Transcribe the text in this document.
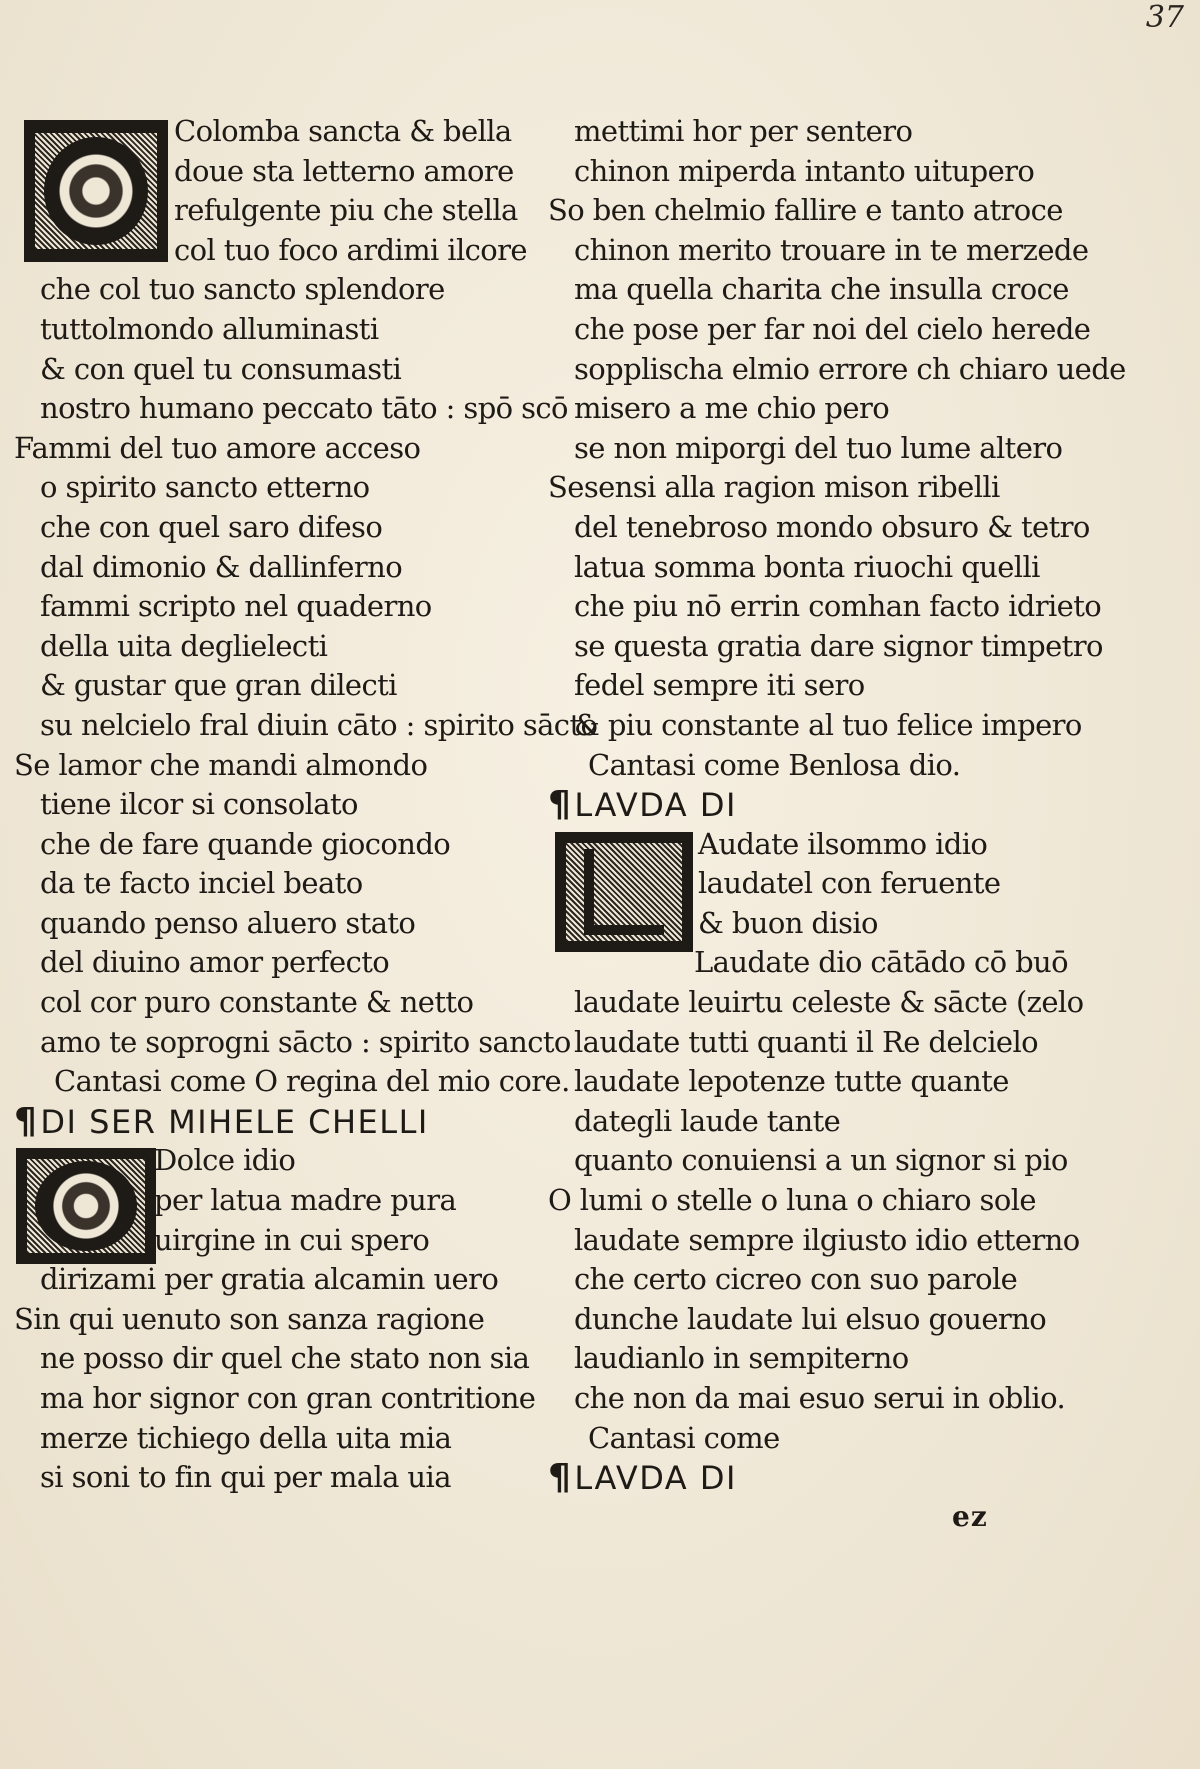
37
Colomba sancta & bella
doue sta letterno amore
refulgente piu che stella
col tuo foco ardimi ilcore
che col tuo sancto splendore
tuttolmondo alluminasti
& con quel tu consumasti
nostro humano peccato tāto : spō scō
Fammi del tuo amore acceso
o spirito sancto etterno
che con quel saro difeso
dal dimonio & dallinferno
fammi scripto nel quaderno
della uita deglielecti
& gustar que gran dilecti
su nelcielo fral diuin cāto : spirito sācto
Se lamor che mandi almondo
tiene ilcor si consolato
che de fare quande giocondo
da te facto inciel beato
quando penso aluero stato
del diuino amor perfecto
col cor puro constante & netto
amo te soprogni sācto : spirito sancto
Cantasi come O regina del mio core.
¶DI SER MIHELE CHELLI
Dolce idio
per latua madre pura
uirgine in cui spero
dirizami per gratia alcamin uero
Sin qui uenuto son sanza ragione
ne posso dir quel che stato non sia
ma hor signor con gran contritione
merze tichiego della uita mia
si soni to fin qui per mala uia
mettimi hor per sentero
chinon miperda intanto uitupero
So ben chelmio fallire e tanto atroce
chinon merito trouare in te merzede
ma quella charita che insulla croce
che pose per far noi del cielo herede
sopplischa elmio errore ch chiaro uede
misero a me chio pero
se non miporgi del tuo lume altero
Sesensi alla ragion mison ribelli
del tenebroso mondo obsuro & tetro
latua somma bonta riuochi quelli
che piu nō errin comhan facto idrieto
se questa gratia dare signor timpetro
fedel sempre iti sero
& piu constante al tuo felice impero
Cantasi come Benlosa dio.
¶LAVDA DI
Audate ilsommo idio
laudatel con feruente
& buon disio
Laudate dio cātādo cō buō
laudate leuirtu celeste & sācte (zelo
laudate tutti quanti il Re delcielo
laudate lepotenze tutte quante
dategli laude tante
quanto conuiensi a un signor si pio
O lumi o stelle o luna o chiaro sole
laudate sempre ilgiusto idio etterno
che certo cicreo con suo parole
dunche laudate lui elsuo gouerno
laudianlo in sempiterno
che non da mai esuo serui in oblio.
Cantasi come
¶LAVDA DI
ez
